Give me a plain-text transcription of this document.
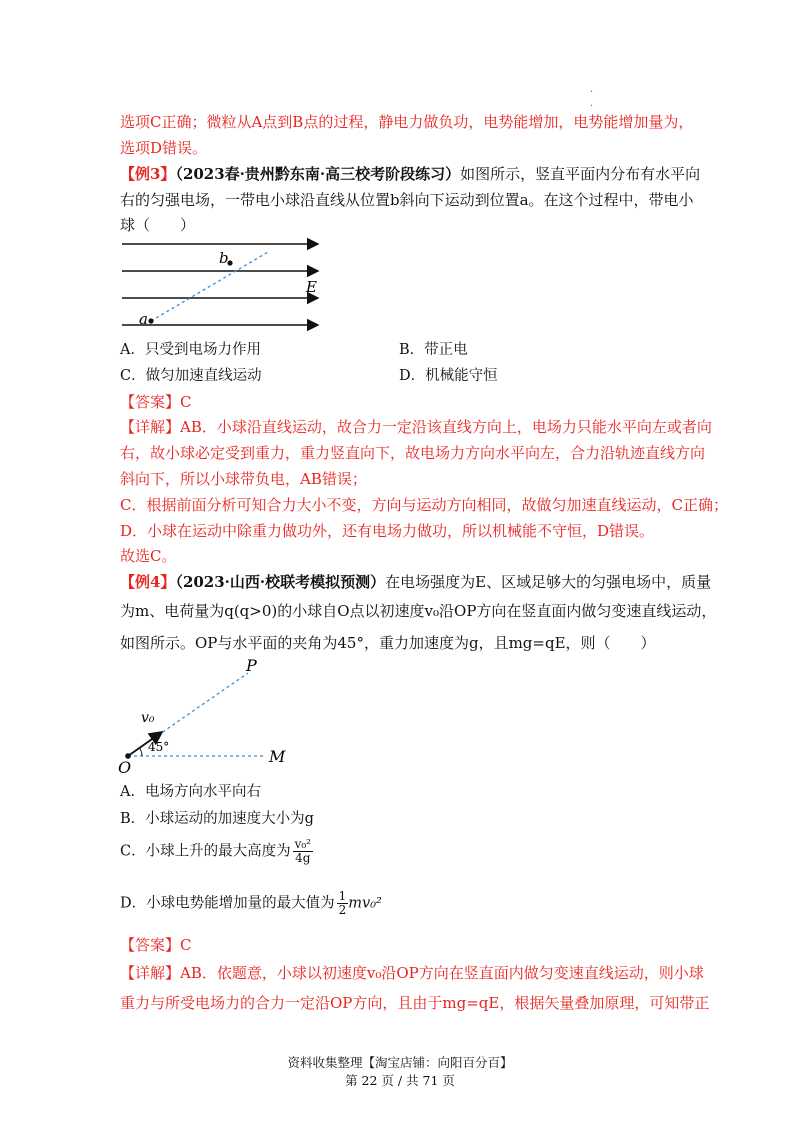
.
.
选项C正确；微粒从A点到B点的过程，静电力做负功，电势能增加，电势能增加量为，
选项D错误。
【例3】（2023春·贵州黔东南·高三校考阶段练习）如图所示，竖直平面内分布有水平向
右的匀强电场，一带电小球沿直线从位置b斜向下运动到位置a。在这个过程中，带电小
球（　　）
b
a
E
A．只受到电场力作用	B．带正电
C．做匀加速直线运动	D．机械能守恒
【答案】C
【详解】AB．小球沿直线运动，故合力一定沿该直线方向上，电场力只能水平向左或者向
右，故小球必定受到重力，重力竖直向下，故电场力方向水平向左，合力沿轨迹直线方向
斜向下，所以小球带负电，AB错误；
C．根据前面分析可知合力大小不变，方向与运动方向相同，故做匀加速直线运动，C正确；
D．小球在运动中除重力做功外，还有电场力做功，所以机械能不守恒，D错误。
故选C。
【例4】（2023·山西·校联考模拟预测）在电场强度为E、区域足够大的匀强电场中，质量
为m、电荷量为q(q>0)的小球自O点以初速度v₀沿OP方向在竖直面内做匀变速直线运动，
如图所示。OP与水平面的夹角为45°，重力加速度为g，且mg=qE，则（　　）
P
v₀
45°
O
M
A．电场方向水平向右
B．小球运动的加速度大小为g
C．小球上升的最大高度为 $\frac{\text{v₀²}}{4g}$
D．小球电势能增加量的最大值为 $\frac{1}{2} mv_0^2$
【答案】C
【详解】AB．依题意，小球以初速度v₀沿OP方向在竖直面内做匀变速直线运动，则小球
重力与所受电场力的合力一定沿OP方向，且由于mg=qE，根据矢量叠加原理，可知带正
资料收集整理【淘宝店铺：向阳百分百】
第 22 页 / 共 71 页
